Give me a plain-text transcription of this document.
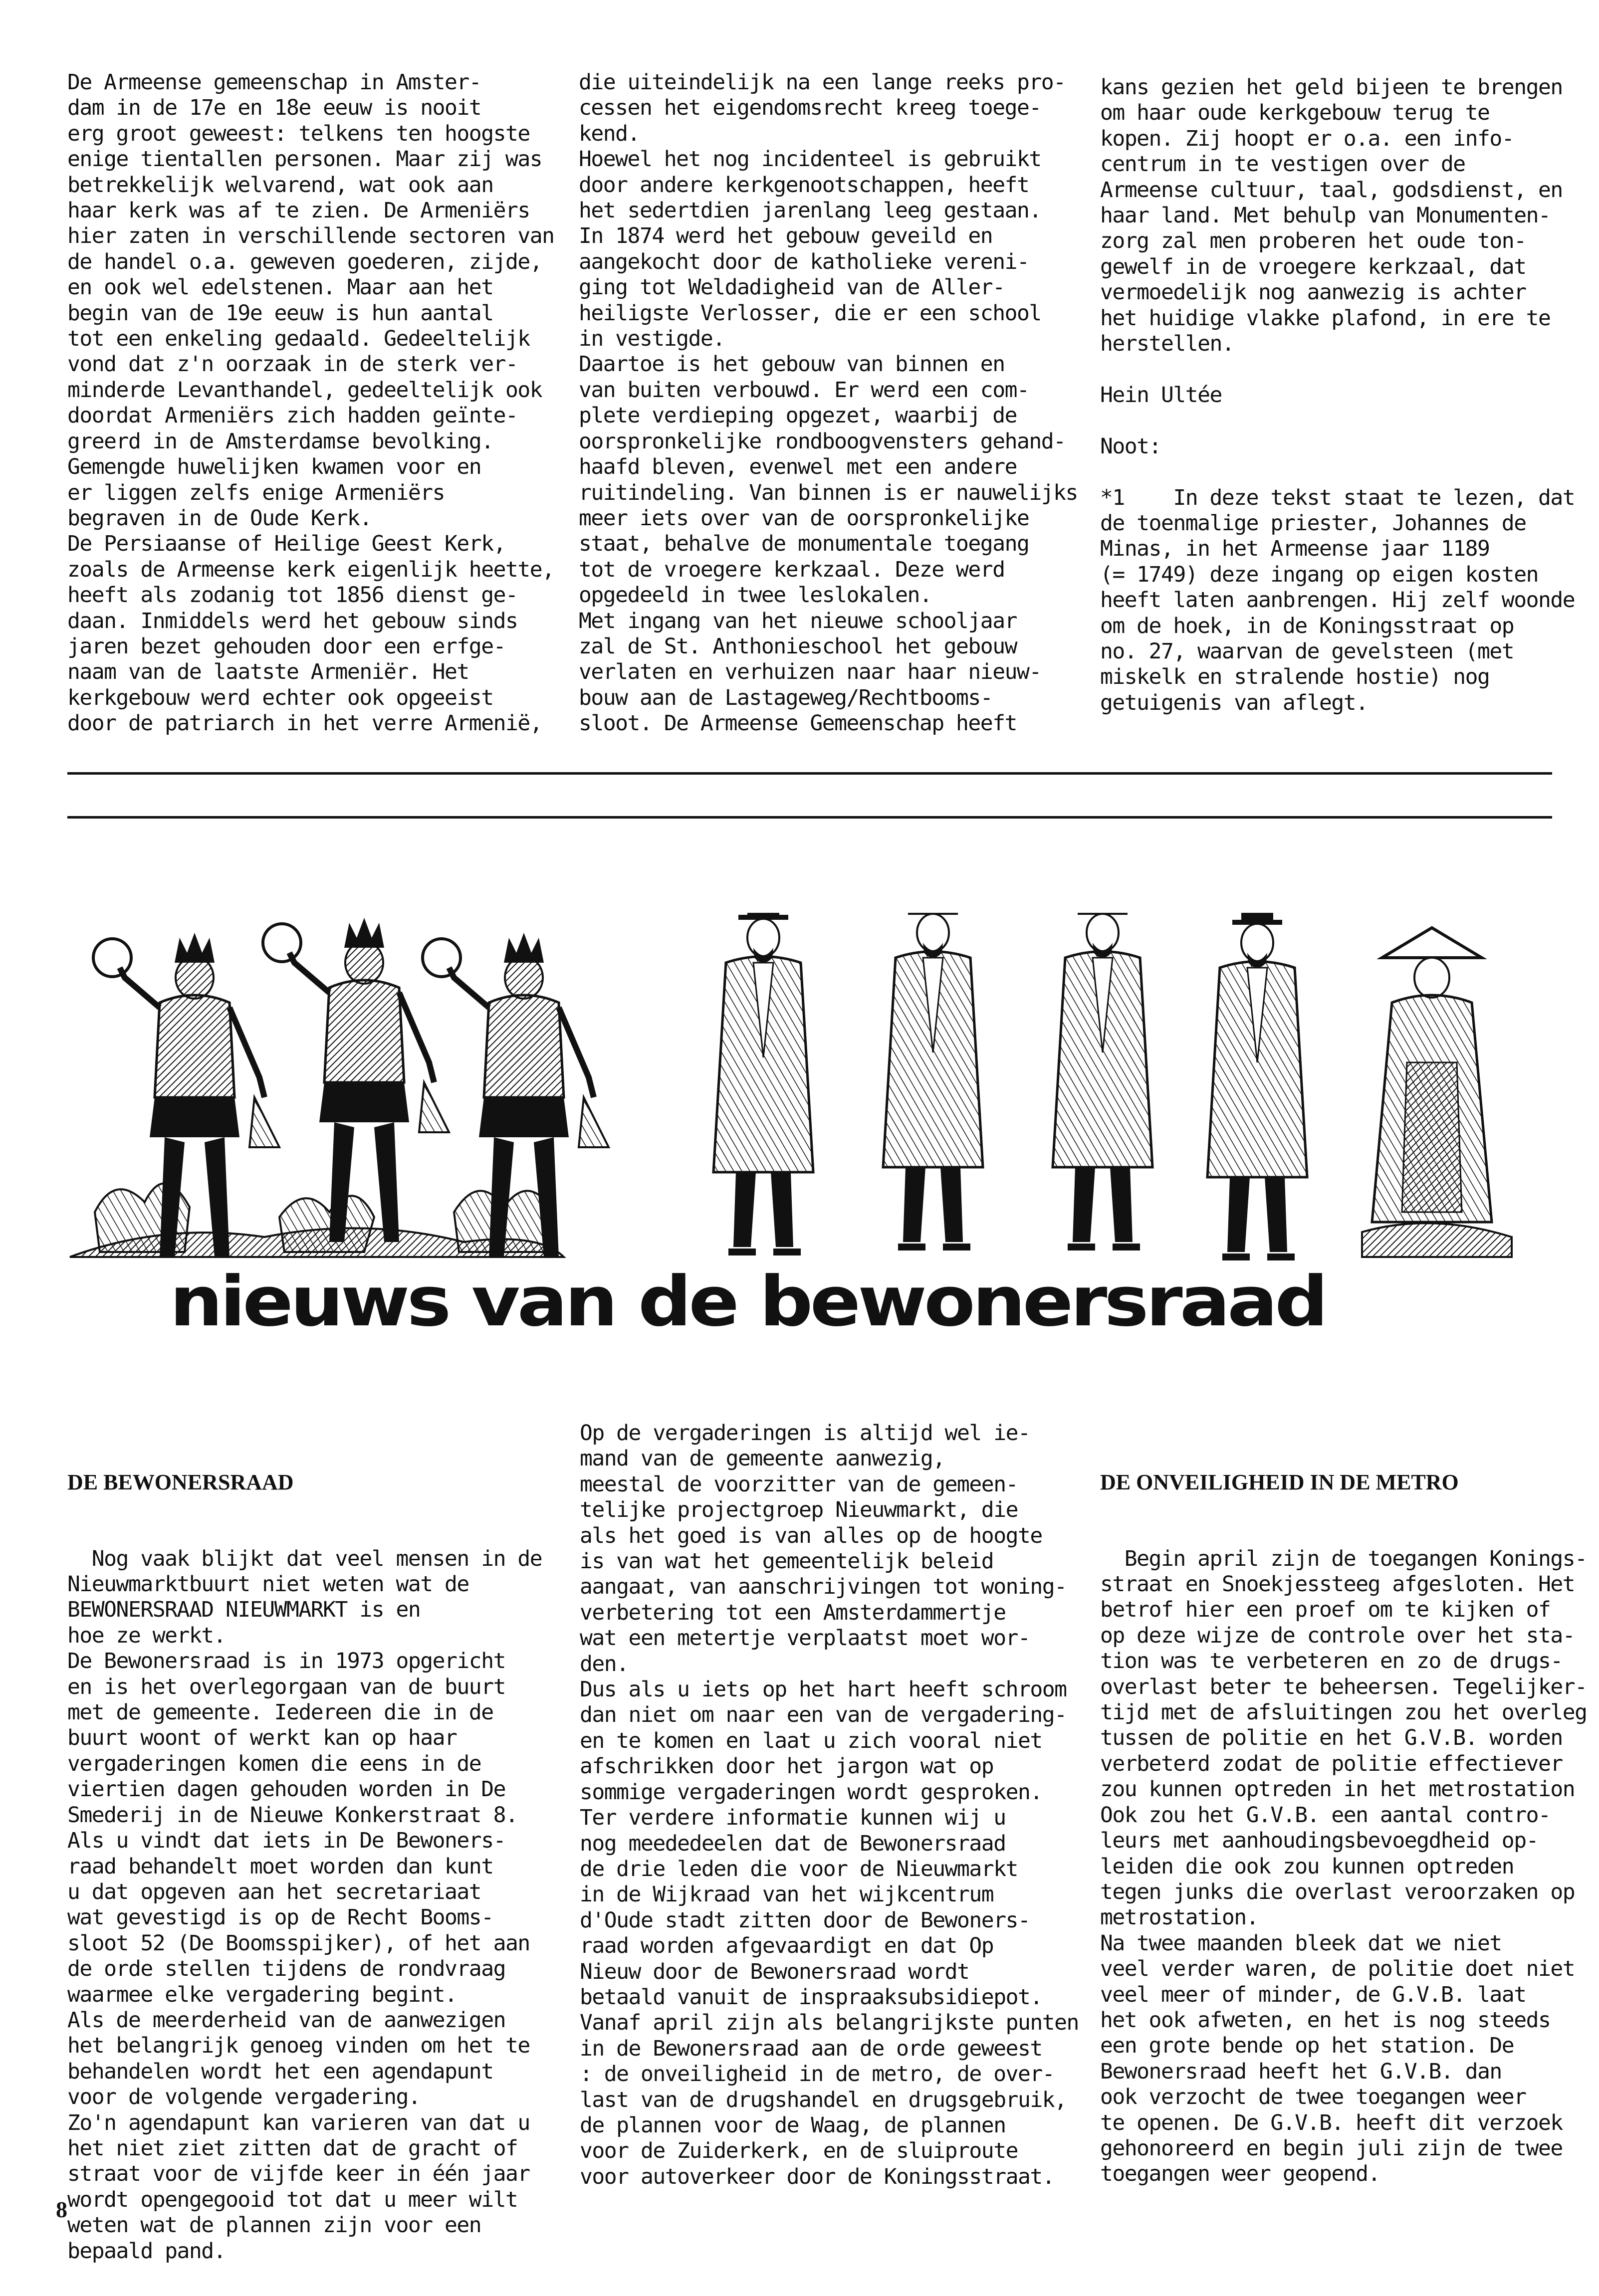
De Armeense gemeenschap in Amster-
dam in de 17e en 18e eeuw is nooit
erg groot geweest: telkens ten hoogste
enige tientallen personen. Maar zij was
betrekkelijk welvarend, wat ook aan
haar kerk was af te zien. De Armeniërs
hier zaten in verschillende sectoren van
de handel o.a. geweven goederen, zijde,
en ook wel edelstenen. Maar aan het
begin van de 19e eeuw is hun aantal
tot een enkeling gedaald. Gedeeltelijk
vond dat z'n oorzaak in de sterk ver-
minderde Levanthandel, gedeeltelijk ook
doordat Armeniërs zich hadden geïnte-
greerd in de Amsterdamse bevolking.
Gemengde huwelijken kwamen voor en
er liggen zelfs enige Armeniërs
begraven in de Oude Kerk.
De Persiaanse of Heilige Geest Kerk,
zoals de Armeense kerk eigenlijk heette,
heeft als zodanig tot 1856 dienst ge-
daan. Inmiddels werd het gebouw sinds
jaren bezet gehouden door een erfge-
naam van de laatste Armeniër. Het
kerkgebouw werd echter ook opgeeist
door de patriarch in het verre Armenië,
die uiteindelijk na een lange reeks pro-
cessen het eigendomsrecht kreeg toege-
kend.
Hoewel het nog incidenteel is gebruikt
door andere kerkgenootschappen, heeft
het sedertdien jarenlang leeg gestaan.
In 1874 werd het gebouw geveild en
aangekocht door de katholieke vereni-
ging tot Weldadigheid van de Aller-
heiligste Verlosser, die er een school
in vestigde.
Daartoe is het gebouw van binnen en
van buiten verbouwd. Er werd een com-
plete verdieping opgezet, waarbij de
oorspronkelijke rondboogvensters gehand-
haafd bleven, evenwel met een andere
ruitindeling. Van binnen is er nauwelijks
meer iets over van de oorspronkelijke
staat, behalve de monumentale toegang
tot de vroegere kerkzaal. Deze werd
opgedeeld in twee leslokalen.
Met ingang van het nieuwe schooljaar
zal de St. Anthonieschool het gebouw
verlaten en verhuizen naar haar nieuw-
bouw aan de Lastageweg/Rechtbooms-
sloot. De Armeense Gemeenschap heeft
kans gezien het geld bijeen te brengen
om haar oude kerkgebouw terug te
kopen. Zij hoopt er o.a. een info-
centrum in te vestigen over de
Armeense cultuur, taal, godsdienst, en
haar land. Met behulp van Monumenten-
zorg zal men proberen het oude ton-
gewelf in de vroegere kerkzaal, dat
vermoedelijk nog aanwezig is achter
het huidige vlakke plafond, in ere te
herstellen.

Hein Ultée

Noot:

*1    In deze tekst staat te lezen, dat
de toenmalige priester, Johannes de
Minas, in het Armeense jaar 1189
(= 1749) deze ingang op eigen kosten
heeft laten aanbrengen. Hij zelf woonde
om de hoek, in de Koningsstraat op
no. 27, waarvan de gevelsteen (met
miskelk en stralende hostie) nog
getuigenis van aflegt.
nieuws van de bewonersraad

DE BEWONERSRAAD

Nog vaak blijkt dat veel mensen in de
Nieuwmarktbuurt niet weten wat de
BEWONERSRAAD NIEUWMARKT is en
hoe ze werkt.
De Bewonersraad is in 1973 opgericht
en is het overlegorgaan van de buurt
met de gemeente. Iedereen die in de
buurt woont of werkt kan op haar
vergaderingen komen die eens in de
viertien dagen gehouden worden in De
Smederij in de Nieuwe Konkerstraat 8.
Als u vindt dat iets in De Bewoners-
raad behandelt moet worden dan kunt
u dat opgeven aan het secretariaat
wat gevestigd is op de Recht Booms-
sloot 52 (De Boomsspijker), of het aan
de orde stellen tijdens de rondvraag
waarmee elke vergadering begint.
Als de meerderheid van de aanwezigen
het belangrijk genoeg vinden om het te
behandelen wordt het een agendapunt
voor de volgende vergadering.
Zo'n agendapunt kan varieren van dat u
het niet ziet zitten dat de gracht of
straat voor de vijfde keer in één jaar
wordt opengegooid tot dat u meer wilt
weten wat de plannen zijn voor een
bepaald pand.

Op de vergaderingen is altijd wel ie-
mand van de gemeente aanwezig,
meestal de voorzitter van de gemeen-
telijke projectgroep Nieuwmarkt, die
als het goed is van alles op de hoogte
is van wat het gemeentelijk beleid
aangaat, van aanschrijvingen tot woning-
verbetering tot een Amsterdammertje
wat een metertje verplaatst moet wor-
den.
Dus als u iets op het hart heeft schroom
dan niet om naar een van de vergadering-
en te komen en laat u zich vooral niet
afschrikken door het jargon wat op
sommige vergaderingen wordt gesproken.
Ter verdere informatie kunnen wij u
nog meededeelen dat de Bewonersraad
de drie leden die voor de Nieuwmarkt
in de Wijkraad van het wijkcentrum
d'Oude stadt zitten door de Bewoners-
raad worden afgevaardigt en dat Op
Nieuw door de Bewonersraad wordt
betaald vanuit de inspraaksubsidiepot.
Vanaf april zijn als belangrijkste punten
in de Bewonersraad aan de orde geweest
: de onveiligheid in de metro, de over-
last van de drugshandel en drugsgebruik,
de plannen voor de Waag, de plannen
voor de Zuiderkerk, en de sluiproute
voor autoverkeer door de Koningsstraat.

DE ONVEILIGHEID IN DE METRO

Begin april zijn de toegangen Konings-
straat en Snoekjessteeg afgesloten. Het
betrof hier een proef om te kijken of
op deze wijze de controle over het sta-
tion was te verbeteren en zo de drugs-
overlast beter te beheersen. Tegelijker-
tijd met de afsluitingen zou het overleg
tussen de politie en het G.V.B. worden
verbeterd zodat de politie effectiever
zou kunnen optreden in het metrostation
Ook zou het G.V.B. een aantal contro-
leurs met aanhoudingsbevoegdheid op-
leiden die ook zou kunnen optreden
tegen junks die overlast veroorzaken op
metrostation.
Na twee maanden bleek dat we niet
veel verder waren, de politie doet niet
veel meer of minder, de G.V.B. laat
het ook afweten, en het is nog steeds
een grote bende op het station. De
Bewonersraad heeft het G.V.B. dan
ook verzocht de twee toegangen weer
te openen. De G.V.B. heeft dit verzoek
gehonoreerd en begin juli zijn de twee
toegangen weer geopend.

8
